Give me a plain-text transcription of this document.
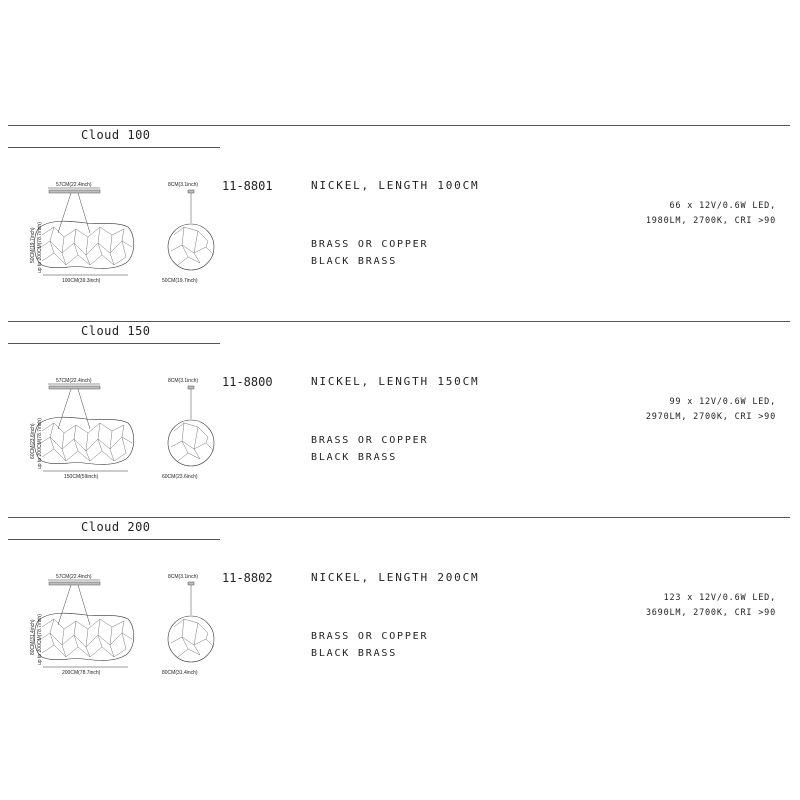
Cloud 100
57CM(22.4inch)
100CM(39.3inch)
50CM(19.7inch) up to 200CM(78.7inch)
8CM(3.1inch)
50CM(19.7inch)
11-8801	NICKEL, LENGTH 100CM
66 x 12V/0.6W LED,
1980LM, 2700K, CRI >90
BRASS OR COPPER
BLACK BRASS
Cloud 150
57CM(22.4inch)
150CM(59inch)
60CM(23.6inch) up to 200CM(78.7inch)
8CM(3.1inch)
60CM(23.6inch)
11-8800	NICKEL, LENGTH 150CM
99 x 12V/0.6W LED,
2970LM, 2700K, CRI >90
BRASS OR COPPER
BLACK BRASS
Cloud 200
57CM(22.4inch)
200CM(78.7inch)
80CM(31.4inch) up to 200CM(78.7inch)
8CM(3.1inch)
80CM(31.4inch)
11-8802	NICKEL, LENGTH 200CM
123 x 12V/0.6W LED,
3690LM, 2700K, CRI >90
BRASS OR COPPER
BLACK BRASS
